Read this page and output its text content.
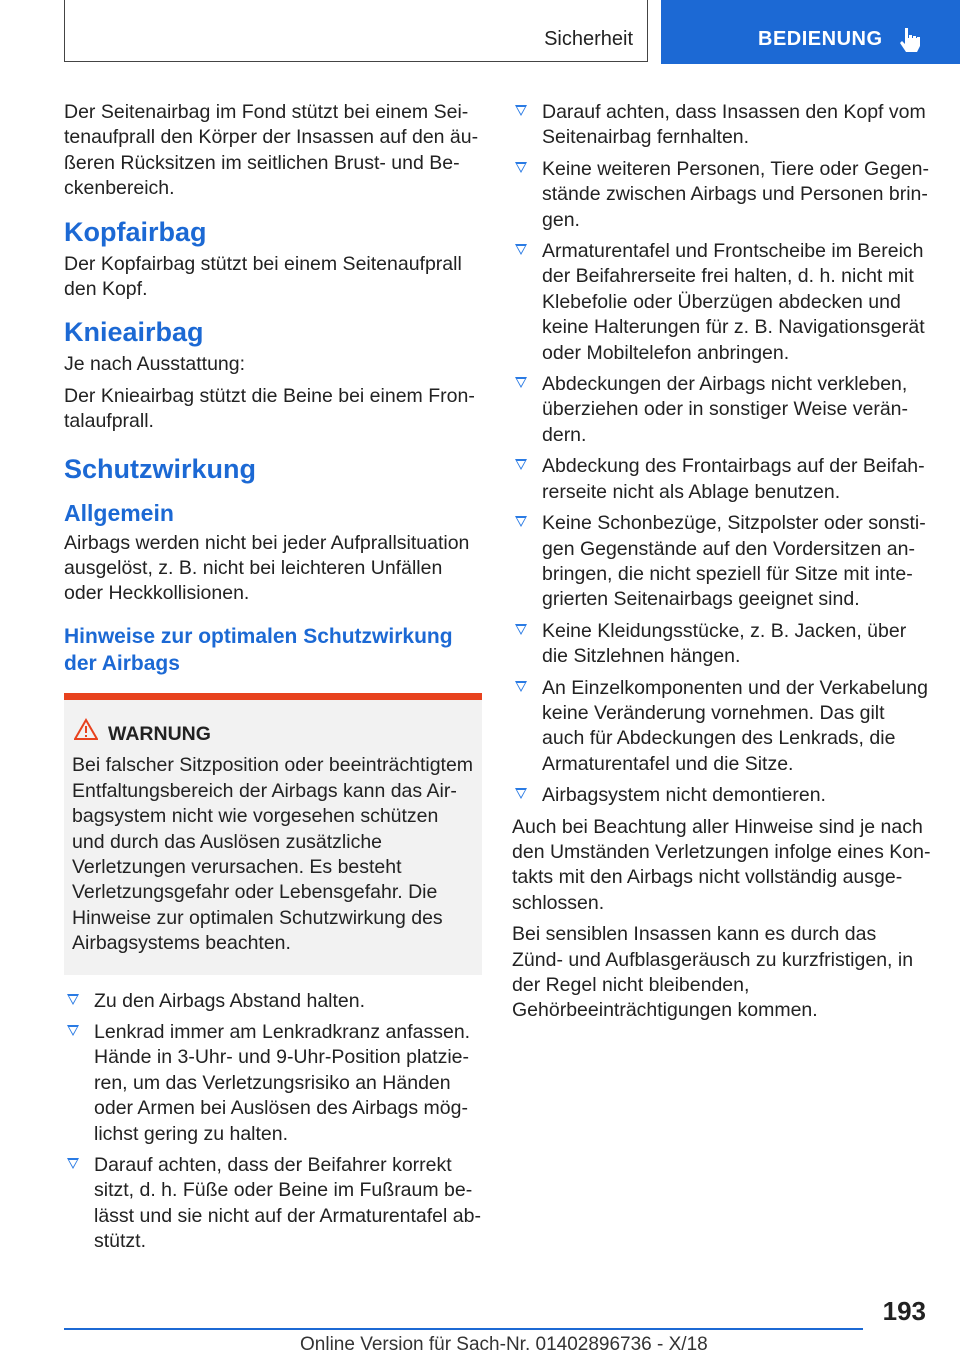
Sicherheit	BEDIENUNG

Der Seitenairbag im Fond stützt bei einem Seitenaufprall den Körper der Insassen auf den äußeren Rücksitzen im seitlichen Brust- und Beckenbereich.

Kopfairbag

Der Kopfairbag stützt bei einem Seitenaufprall den Kopf.

Knieairbag

Je nach Ausstattung:

Der Knieairbag stützt die Beine bei einem Frontalaufprall.

Schutzwirkung
Allgemein

Airbags werden nicht bei jeder Aufprallsituation ausgelöst, z. B. nicht bei leichteren Unfällen oder Heckkollisionen.

Hinweise zur optimalen Schutzwirkung der Airbags
WARNUNG

Bei falscher Sitzposition oder beeinträchtigtem Entfaltungsbereich der Airbags kann das Airbagsystem nicht wie vorgesehen schützen und durch das Auslösen zusätzliche Verletzungen verursachen. Es besteht Verletzungsgefahr oder Lebensgefahr. Die Hinweise zur optimalen Schutzwirkung des Airbagsystems beachten.

Zu den Airbags Abstand halten.
Lenkrad immer am Lenkradkranz anfassen. Hände in 3-Uhr- und 9-Uhr-Position platzieren, um das Verletzungsrisiko an Händen oder Armen bei Auslösen des Airbags möglichst gering zu halten.
Darauf achten, dass der Beifahrer korrekt sitzt, d. h. Füße oder Beine im Fußraum belässt und sie nicht auf der Armaturentafel abstützt.
Darauf achten, dass Insassen den Kopf vom Seitenairbag fernhalten.
Keine weiteren Personen, Tiere oder Gegenstände zwischen Airbags und Personen bringen.
Armaturentafel und Frontscheibe im Bereich der Beifahrerseite frei halten, d. h. nicht mit Klebefolie oder Überzügen abdecken und keine Halterungen für z. B. Navigationsgerät oder Mobiltelefon anbringen.
Abdeckungen der Airbags nicht verkleben, überziehen oder in sonstiger Weise verändern.
Abdeckung des Frontairbags auf der Beifahrerseite nicht als Ablage benutzen.
Keine Schonbezüge, Sitzpolster oder sonstigen Gegenstände auf den Vordersitzen anbringen, die nicht speziell für Sitze mit integrierten Seitenairbags geeignet sind.
Keine Kleidungsstücke, z. B. Jacken, über die Sitzlehnen hängen.
An Einzelkomponenten und der Verkabelung keine Veränderung vornehmen. Das gilt auch für Abdeckungen des Lenkrads, die Armaturentafel und die Sitze.
Airbagsystem nicht demontieren.

Auch bei Beachtung aller Hinweise sind je nach den Umständen Verletzungen infolge eines Kontakts mit den Airbags nicht vollständig ausgeschlossen.

Bei sensiblen Insassen kann es durch das Zünd- und Aufblasgeräusch zu kurzfristigen, in der Regel nicht bleibenden, Gehörbeeinträchtigungen kommen.

193
Online Version für Sach-Nr. 01402896736 - X/18
